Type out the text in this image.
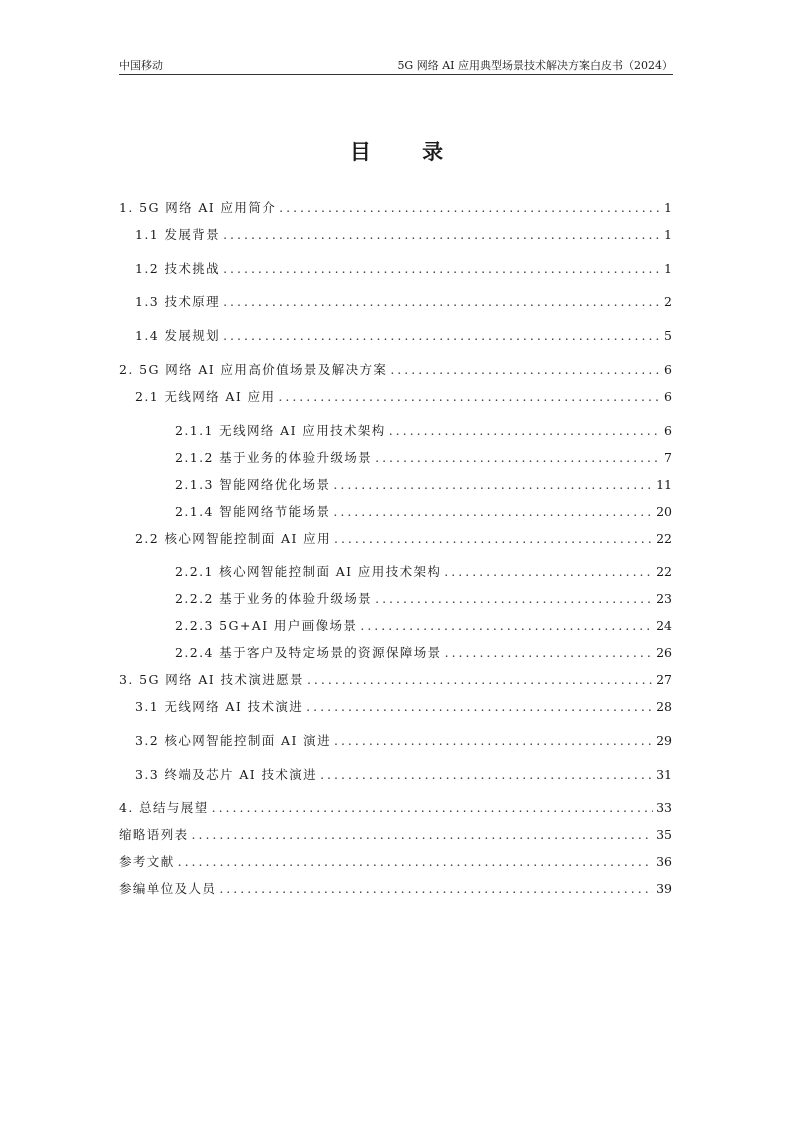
中国移动	5G 网络 AI 应用典型场景技术解决方案白皮书（2024）
目 录
1. 5G 网络 AI 应用简介 .....	1
1.1 发展背景 .....	1
1.2 技术挑战 .....	1
1.3 技术原理 .....	2
1.4 发展规划 .....	5
2. 5G 网络 AI 应用高价值场景及解决方案 .....	6
2.1 无线网络 AI 应用 .....	6
2.1.1 无线网络 AI 应用技术架构 .....	6
2.1.2 基于业务的体验升级场景 .....	7
2.1.3 智能网络优化场景 .....	11
2.1.4 智能网络节能场景 .....	20
2.2 核心网智能控制面 AI 应用 .....	22
2.2.1 核心网智能控制面 AI 应用技术架构 .....	22
2.2.2 基于业务的体验升级场景 .....	23
2.2.3 5G+AI 用户画像场景 .....	24
2.2.4 基于客户及特定场景的资源保障场景 .....	26
3. 5G 网络 AI 技术演进愿景 .....	27
3.1 无线网络 AI 技术演进 .....	28
3.2 核心网智能控制面 AI 演进 .....	29
3.3 终端及芯片 AI 技术演进 .....	31
4. 总结与展望 .....	33
缩略语列表 .....	35
参考文献 .....	36
参编单位及人员 .....	39
